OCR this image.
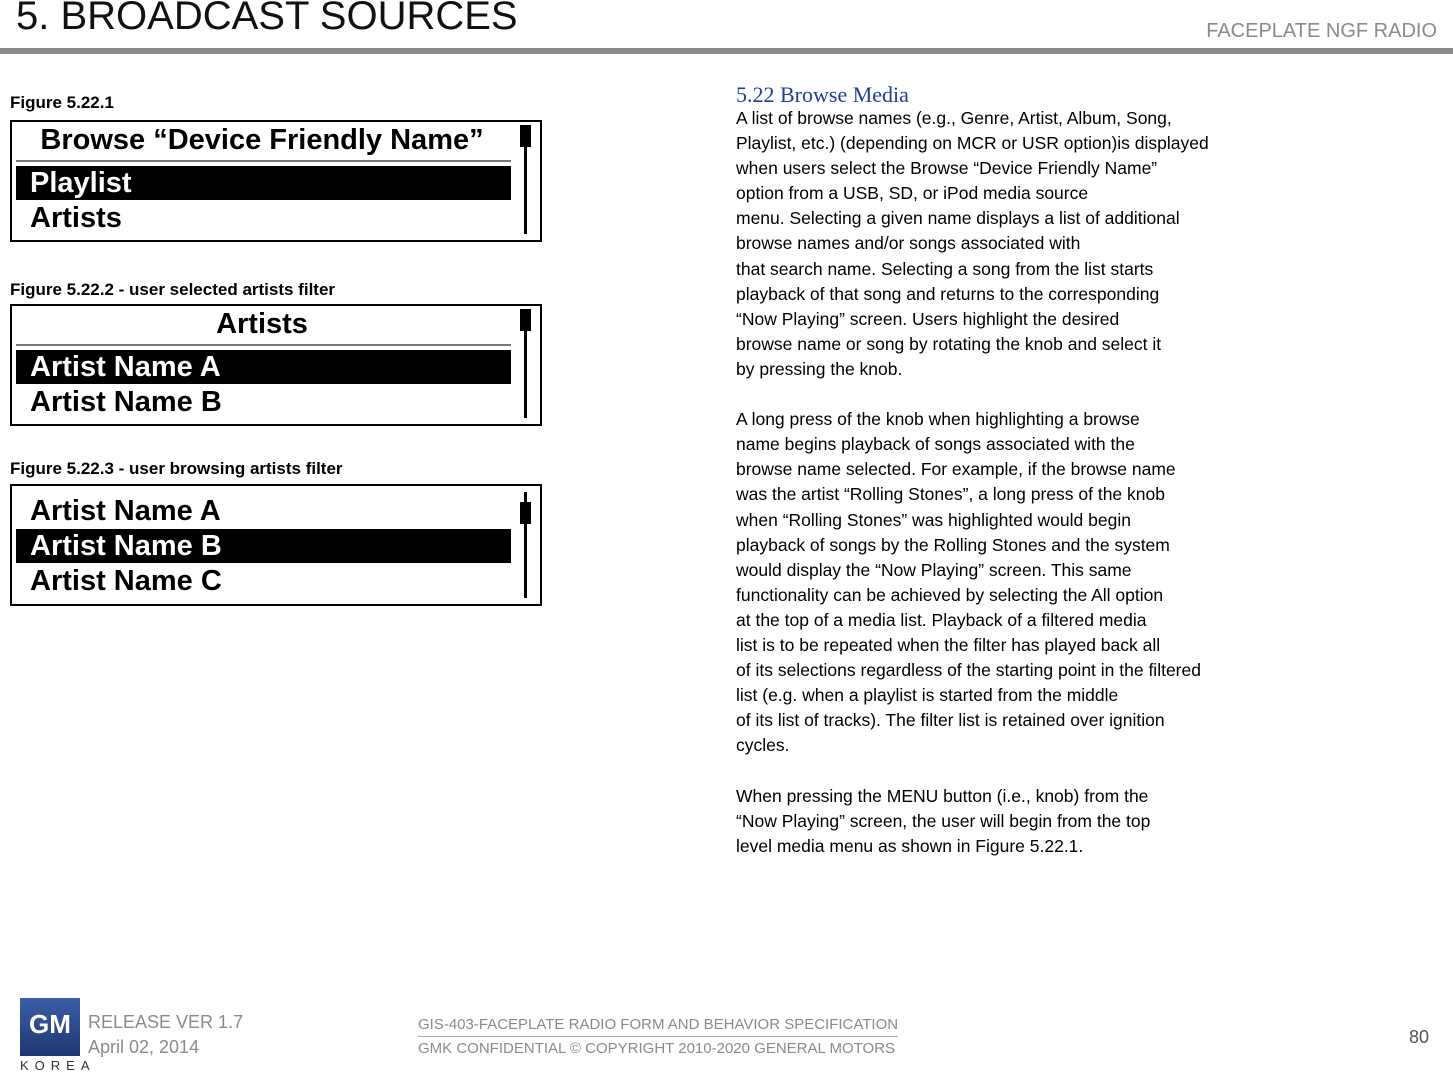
5. BROADCAST SOURCES	FACEPLATE NGF RADIO
Figure 5.22.1
Browse “Device Friendly Name”
Playlist
Artists
Figure 5.22.2 - user selected artists filter
Artists
Artist Name A
Artist Name B
Figure 5.22.3 - user browsing artists filter
Artist Name A
Artist Name B
Artist Name C
5.22 Browse Media

A list of browse names (e.g., Genre, Artist, Album, Song,
Playlist, etc.) (depending on MCR or USR option)is displayed
when users select the Browse “Device Friendly Name”
option from a USB, SD, or iPod media source
menu. Selecting a given name displays a list of additional
browse names and/or songs associated with
that search name. Selecting a song from the list starts
playback of that song and returns to the corresponding
“Now Playing” screen. Users highlight the desired
browse name or song by rotating the knob and select it
by pressing the knob.

A long press of the knob when highlighting a browse
name begins playback of songs associated with the
browse name selected. For example, if the browse name
was the artist “Rolling Stones”, a long press of the knob
when “Rolling Stones” was highlighted would begin
playback of songs by the Rolling Stones and the system
would display the “Now Playing” screen. This same
functionality can be achieved by selecting the All option
at the top of a media list. Playback of a filtered media
list is to be repeated when the filter has played back all
of its selections regardless of the starting point in the filtered
list (e.g. when a playlist is started from the middle
of its list of tracks). The filter list is retained over ignition
cycles.

When pressing the MENU button (i.e., knob) from the
“Now Playing” screen, the user will begin from the top
level media menu as shown in Figure 5.22.1.

GM
KOREA
RELEASE VER 1.7
April 02, 2014
GIS-403-FACEPLATE RADIO FORM AND BEHAVIOR SPECIFICATION
GMK CONFIDENTIAL © COPYRIGHT 2010-2020 GENERAL MOTORS
80
